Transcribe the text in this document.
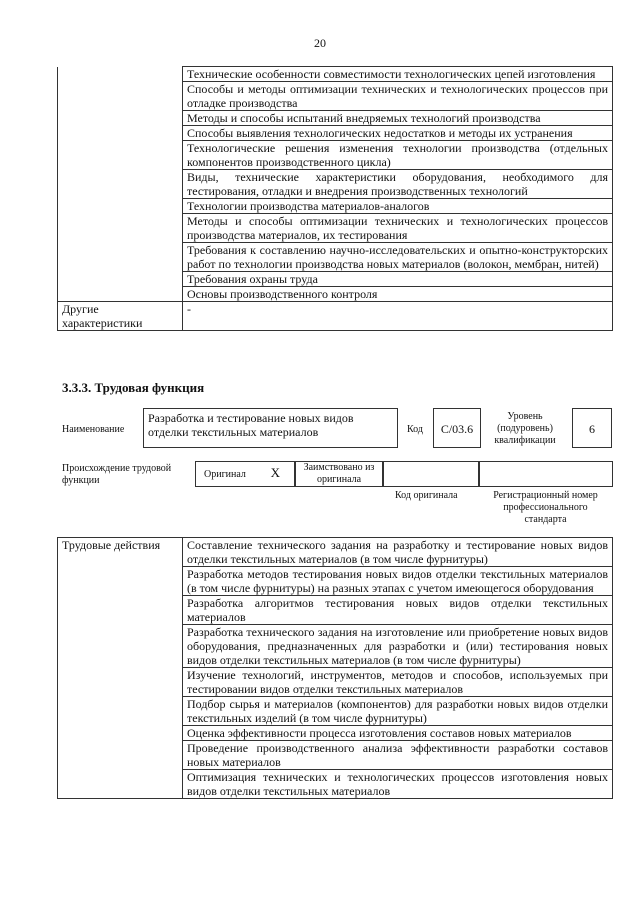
20
	Технические особенности совместимости технологических цепей изготовления
	Способы и методы оптимизации технических и технологических процессов при отладке производства
	Методы и способы испытаний внедряемых технологий производства
	Способы выявления технологических недостатков и методы их устранения
	Технологические решения изменения технологии производства (отдельных компонентов производственного цикла)
	Виды, технические характеристики оборудования, необходимого для тестирования, отладки и внедрения производственных технологий
	Технологии производства материалов-аналогов
	Методы и способы оптимизации технических и технологических процессов производства материалов, их тестирования
	Требования к составлению научно-исследовательских и опытно-конструкторских работ по технологии производства новых материалов (волокон, мембран, нитей)
	Требования охраны труда
	Основы производственного контроля
Другие характеристики	-
3.3.3. Трудовая функция
Наименование
Разработка и тестирование новых видов отделки текстильных материалов	Код	C/03.6
Уровень (подуровень) квалификации
6
Происхождение трудовой функции
Оригинал X	Заимствовано из оригинала
Код оригинала	Регистрационный номер профессионального стандарта
Трудовые действия	Составление технического задания на разработку и тестирование новых видов отделки текстильных материалов (в том числе фурнитуры)
Разработка методов тестирования новых видов отделки текстильных материалов (в том числе фурнитуры) на разных этапах с учетом имеющегося оборудования
Разработка алгоритмов тестирования новых видов отделки текстильных материалов
Разработка технического задания на изготовление или приобретение новых видов оборудования, предназначенных для разработки и (или) тестирования новых видов отделки текстильных материалов (в том числе фурнитуры)
Изучение технологий, инструментов, методов и способов, используемых при тестировании видов отделки текстильных материалов
Подбор сырья и материалов (компонентов) для разработки новых видов отделки текстильных изделий (в том числе фурнитуры)
Оценка эффективности процесса изготовления составов новых материалов
Проведение производственного анализа эффективности разработки составов новых материалов
Оптимизация технических и технологических процессов изготовления новых видов отделки текстильных материалов
